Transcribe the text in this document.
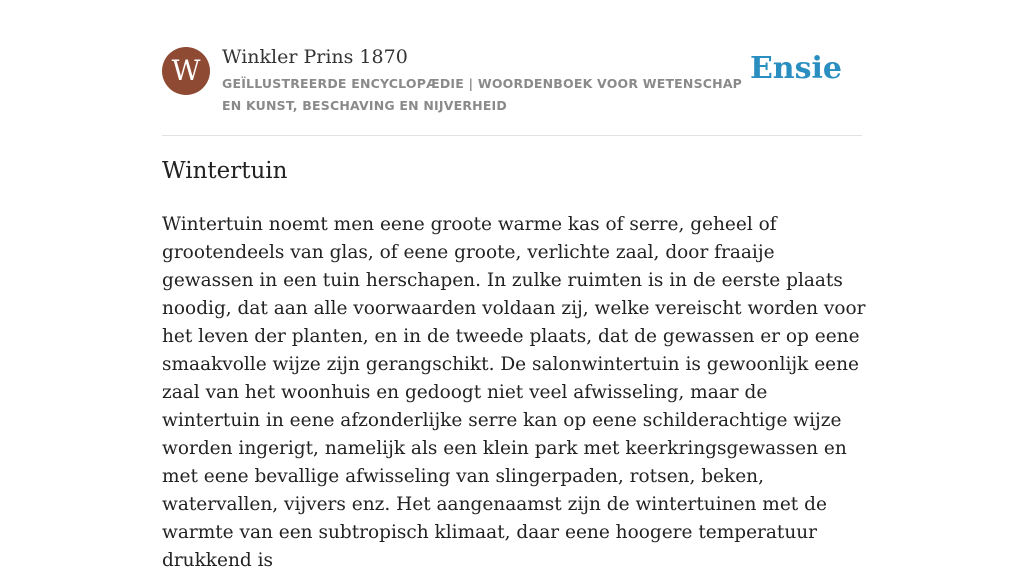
W	Winkler Prins 1870
GEÏLLUSTREERDE ENCYCLOPÆDIE | WOORDENBOEK VOOR WETENSCHAP EN KUNST, BESCHAVING EN NIJVERHEID
Ensie
Wintertuin

Wintertuin noemt men eene groote warme kas of serre, geheel of grootendeels van glas, of eene groote, verlichte zaal, door fraaije gewassen in een tuin herschapen. In zulke ruimten is in de eerste plaats noodig, dat aan alle voorwaarden voldaan zij, welke vereischt worden voor het leven der planten, en in de tweede plaats, dat de gewassen er op eene smaakvolle wijze zijn gerangschikt. De salonwintertuin is gewoonlijk eene zaal van het woonhuis en gedoogt niet veel afwisseling, maar de wintertuin in eene afzonderlijke serre kan op eene schilderachtige wijze worden ingerigt, namelijk als een klein park met keerkringsgewassen en met eene bevallige afwisseling van slingerpaden, rotsen, beken, watervallen, vijvers enz. Het aangenaamst zijn de wintertuinen met de warmte van een subtropisch klimaat, daar eene hoogere temperatuur drukkend is
